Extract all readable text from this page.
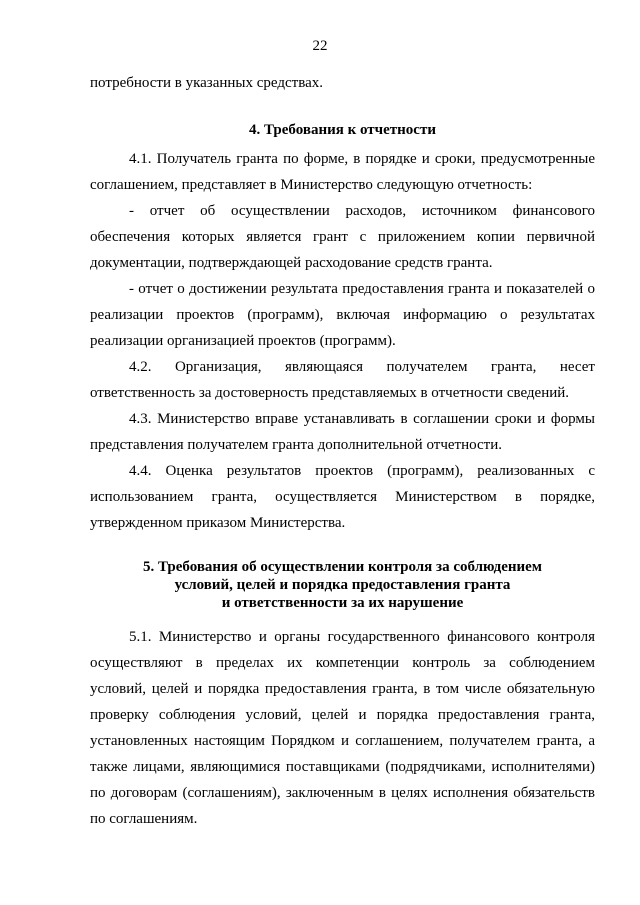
22
потребности в указанных средствах.
4. Требования к отчетности
4.1. Получатель гранта по форме, в порядке и сроки, предусмотренные
соглашением, представляет в Министерство следующую отчетность:
- отчет об осуществлении расходов, источником финансового
обеспечения которых является грант с приложением копии первичной
документации, подтверждающей расходование средств гранта.
- отчет о достижении результата предоставления гранта и показателей о
реализации проектов (программ), включая информацию о результатах
реализации организацией проектов (программ).
4.2. Организация, являющаяся получателем гранта, несет
ответственность за достоверность представляемых в отчетности сведений.
4.3. Министерство вправе устанавливать в соглашении сроки и формы
представления получателем гранта дополнительной отчетности.
4.4. Оценка результатов проектов (программ), реализованных с
использованием гранта, осуществляется Министерством в порядке,
утвержденном приказом Министерства.
5. Требования об осуществлении контроля за соблюдением
условий, целей и порядка предоставления гранта
и ответственности за их нарушение
5.1. Министерство и органы государственного финансового контроля
осуществляют в пределах их компетенции контроль за соблюдением
условий, целей и порядка предоставления гранта, в том числе обязательную
проверку соблюдения условий, целей и порядка предоставления гранта,
установленных настоящим Порядком и соглашением, получателем гранта, а
также лицами, являющимися поставщиками (подрядчиками, исполнителями)
по договорам (соглашениям), заключенным в целях исполнения обязательств
по соглашениям.
